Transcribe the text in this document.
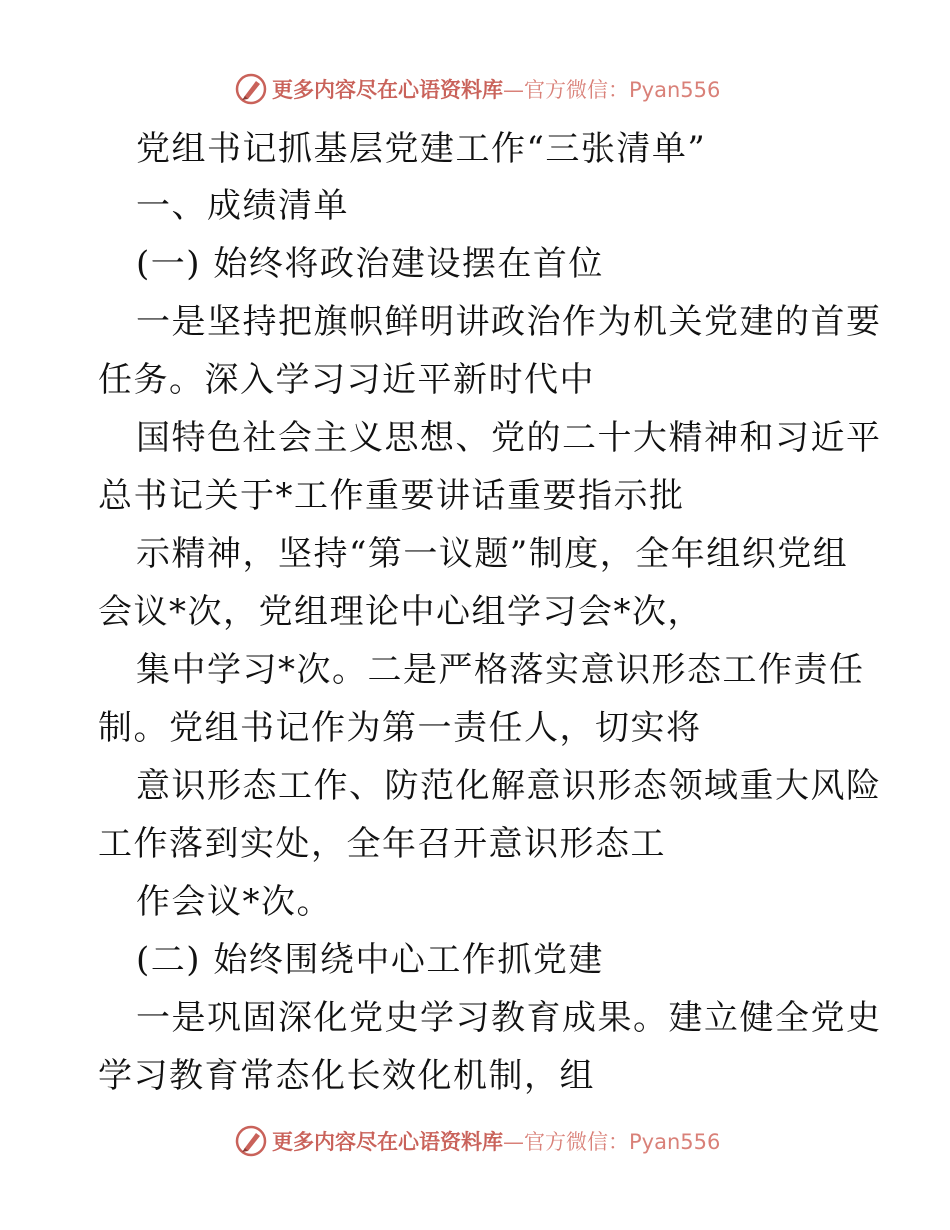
更多内容尽在心语资料库—官方微信：Pyan556
党组书记抓基层党建工作“三张清单”
一、成绩清单
(一) 始终将政治建设摆在首位
一是坚持把旗帜鲜明讲政治作为机关党建的首要
任务。深入学习习近平新时代中
国特色社会主义思想、党的二十大精神和习近平
总书记关于*工作重要讲话重要指示批
示精神，坚持“第一议题”制度，全年组织党组
会议*次，党组理论中心组学习会*次，
集中学习*次。二是严格落实意识形态工作责任
制。党组书记作为第一责任人，切实将
意识形态工作、防范化解意识形态领域重大风险
工作落到实处，全年召开意识形态工
作会议*次。
(二) 始终围绕中心工作抓党建
一是巩固深化党史学习教育成果。建立健全党史
学习教育常态化长效化机制，组
更多内容尽在心语资料库—官方微信：Pyan556
